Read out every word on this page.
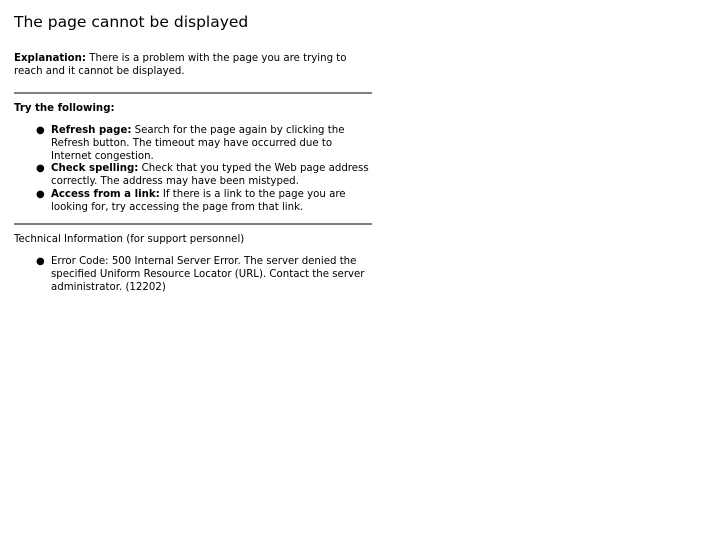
The page cannot be displayed

Explanation: There is a problem with the page you are trying to reach and it cannot be displayed.

Try the following:

● Refresh page: Search for the page again by clicking the Refresh button. The timeout may have occurred due to Internet congestion.
● Check spelling: Check that you typed the Web page address correctly. The address may have been mistyped.
● Access from a link: If there is a link to the page you are looking for, try accessing the page from that link.

Technical Information (for support personnel)

● Error Code: 500 Internal Server Error. The server denied the specified Uniform Resource Locator (URL). Contact the server administrator. (12202)
